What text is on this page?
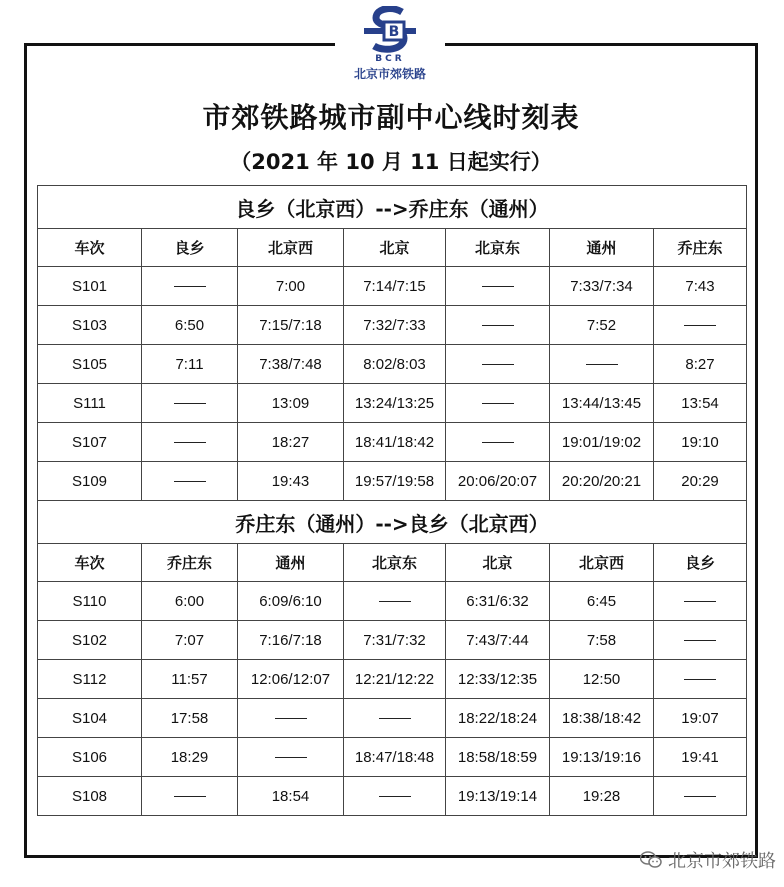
B
BCR
北京市郊铁路
市郊铁路城市副中心线时刻表
（2021 年 10 月 11 日起实行）
良乡（北京西）-->乔庄东（通州）						
车次	良乡	北京西	北京	北京东	通州	乔庄东
S101		7:00	7:14/7:15		7:33/7:34	7:43
S103	6:50	7:15/7:18	7:32/7:33		7:52	
S105	7:11	7:38/7:48	8:02/8:03			8:27
S111		13:09	13:24/13:25		13:44/13:45	13:54
S107		18:27	18:41/18:42		19:01/19:02	19:10
S109		19:43	19:57/19:58	20:06/20:07	20:20/20:21	20:29
乔庄东（通州）-->良乡（北京西）						
车次	乔庄东	通州	北京东	北京	北京西	良乡
S110	6:00	6:09/6:10		6:31/6:32	6:45	
S102	7:07	7:16/7:18	7:31/7:32	7:43/7:44	7:58	
S112	11:57	12:06/12:07	12:21/12:22	12:33/12:35	12:50	
S104	17:58			18:22/18:24	18:38/18:42	19:07
S106	18:29		18:47/18:48	18:58/18:59	19:13/19:16	19:41
S108		18:54		19:13/19:14	19:28	
北京市郊铁路
